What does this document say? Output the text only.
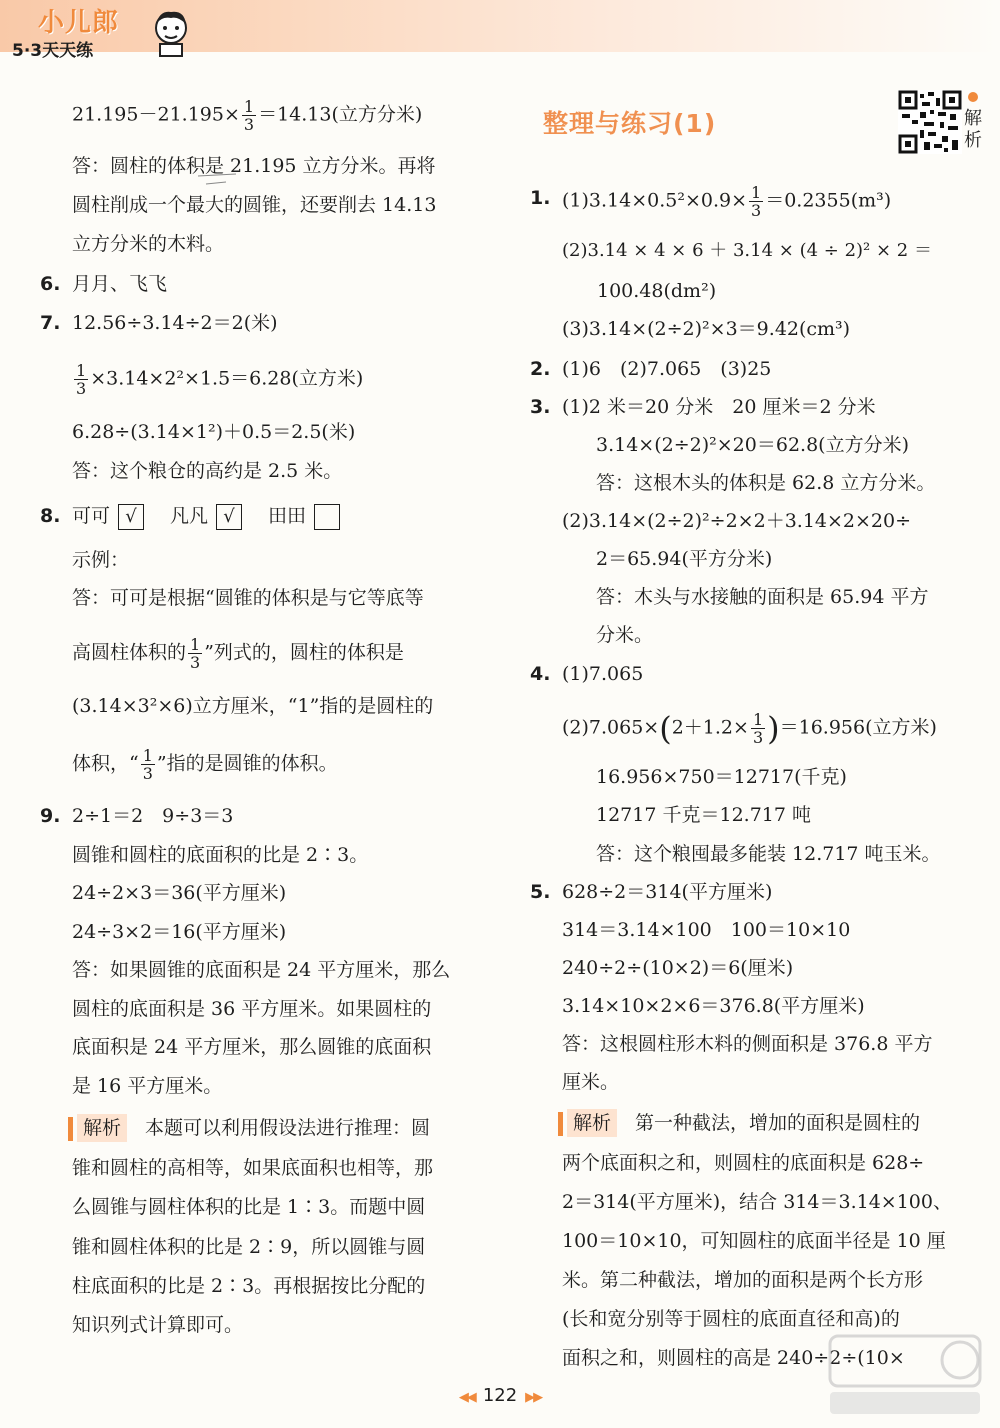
小儿郎
5·3天天练
$21.195-21.195\times \frac{1}{3} =14.13$(立方分米)
答：圆柱的体积是 21.195 立方分米。再将
圆柱削成一个最大的圆锥，还要削去 14.13
立方分米的木料。
6. 月月、飞飞
7. 12.56÷3.14÷2＝2(米)
$\frac{1}{3} \times 3.14\times 2^2\times 1.5=6.28$(立方米)
6.28÷(3.14×1²)＋0.5＝2.5(米)
答：这个粮仓的高约是 2.5 米。
8. 可可 √ 凡凡 √ 田田
示例：
答：可可是根据“圆锥的体积是与它等底等
高圆柱体积的 $\frac{1}{3}$ ”列式的，圆柱的体积是
(3.14×3²×6)立方厘米，“1”指的是圆柱的
体积，“ $\frac{1}{3}$ ”指的是圆锥的体积。
9. 2÷1＝2　9÷3＝3
圆锥和圆柱的底面积的比是 2∶3。
24÷2×3＝36(平方厘米)
24÷3×2＝16(平方厘米)
答：如果圆锥的底面积是 24 平方厘米，那么
圆柱的底面积是 36 平方厘米。如果圆柱的
底面积是 24 平方厘米，那么圆锥的底面积
是 16 平方厘米。
解析 本题可以利用假设法进行推理：圆
锥和圆柱的高相等，如果底面积也相等，那
么圆锥与圆柱体积的比是 1∶3。而题中圆
锥和圆柱体积的比是 2∶9，所以圆锥与圆
柱底面积的比是 2∶3。再根据按比分配的
知识列式计算即可。
整理与练习(1)	解析
1. $(1)3.14\times 0.5^2\times 0.9\times \frac{1}{3} =0.2355(m^3)$
(2)3.14 × 4 × 6 ＋ 3.14 × (4 ÷ 2)² × 2 ＝
100.48(dm²)
(3)3.14×(2÷2)²×3＝9.42(cm³)
2. (1)6　(2)7.065　(3)25
3. (1)2 米＝20 分米　20 厘米＝2 分米
3.14×(2÷2)²×20＝62.8(立方分米)
答：这根木头的体积是 62.8 立方分米。
(2)3.14×(2÷2)²÷2×2＋3.14×2×20÷
2＝65.94(平方分米)
答：木头与水接触的面积是 65.94 平方
分米。
4. (1)7.065
$(2)7.065\times(2+1.2\times \frac{1}{3} )=16.956$(立方米)
16.956×750＝12717(千克)
12717 千克＝12.717 吨
答：这个粮囤最多能装 12.717 吨玉米。
5. 628÷2＝314(平方厘米)
314＝3.14×100　100＝10×10
240÷2÷(10×2)＝6(厘米)
3.14×10×2×6＝376.8(平方厘米)
答：这根圆柱形木料的侧面积是 376.8 平方
厘米。
解析 第一种截法，增加的面积是圆柱的
两个底面积之和，则圆柱的底面积是 628÷
2＝314(平方厘米)，结合 314＝3.14×100、
100＝10×10，可知圆柱的底面半径是 10 厘
米。第二种截法，增加的面积是两个长方形
(长和宽分别等于圆柱的底面直径和高)的
面积之和，则圆柱的高是 240÷2÷(10×
◀◀ 122 ▶▶
